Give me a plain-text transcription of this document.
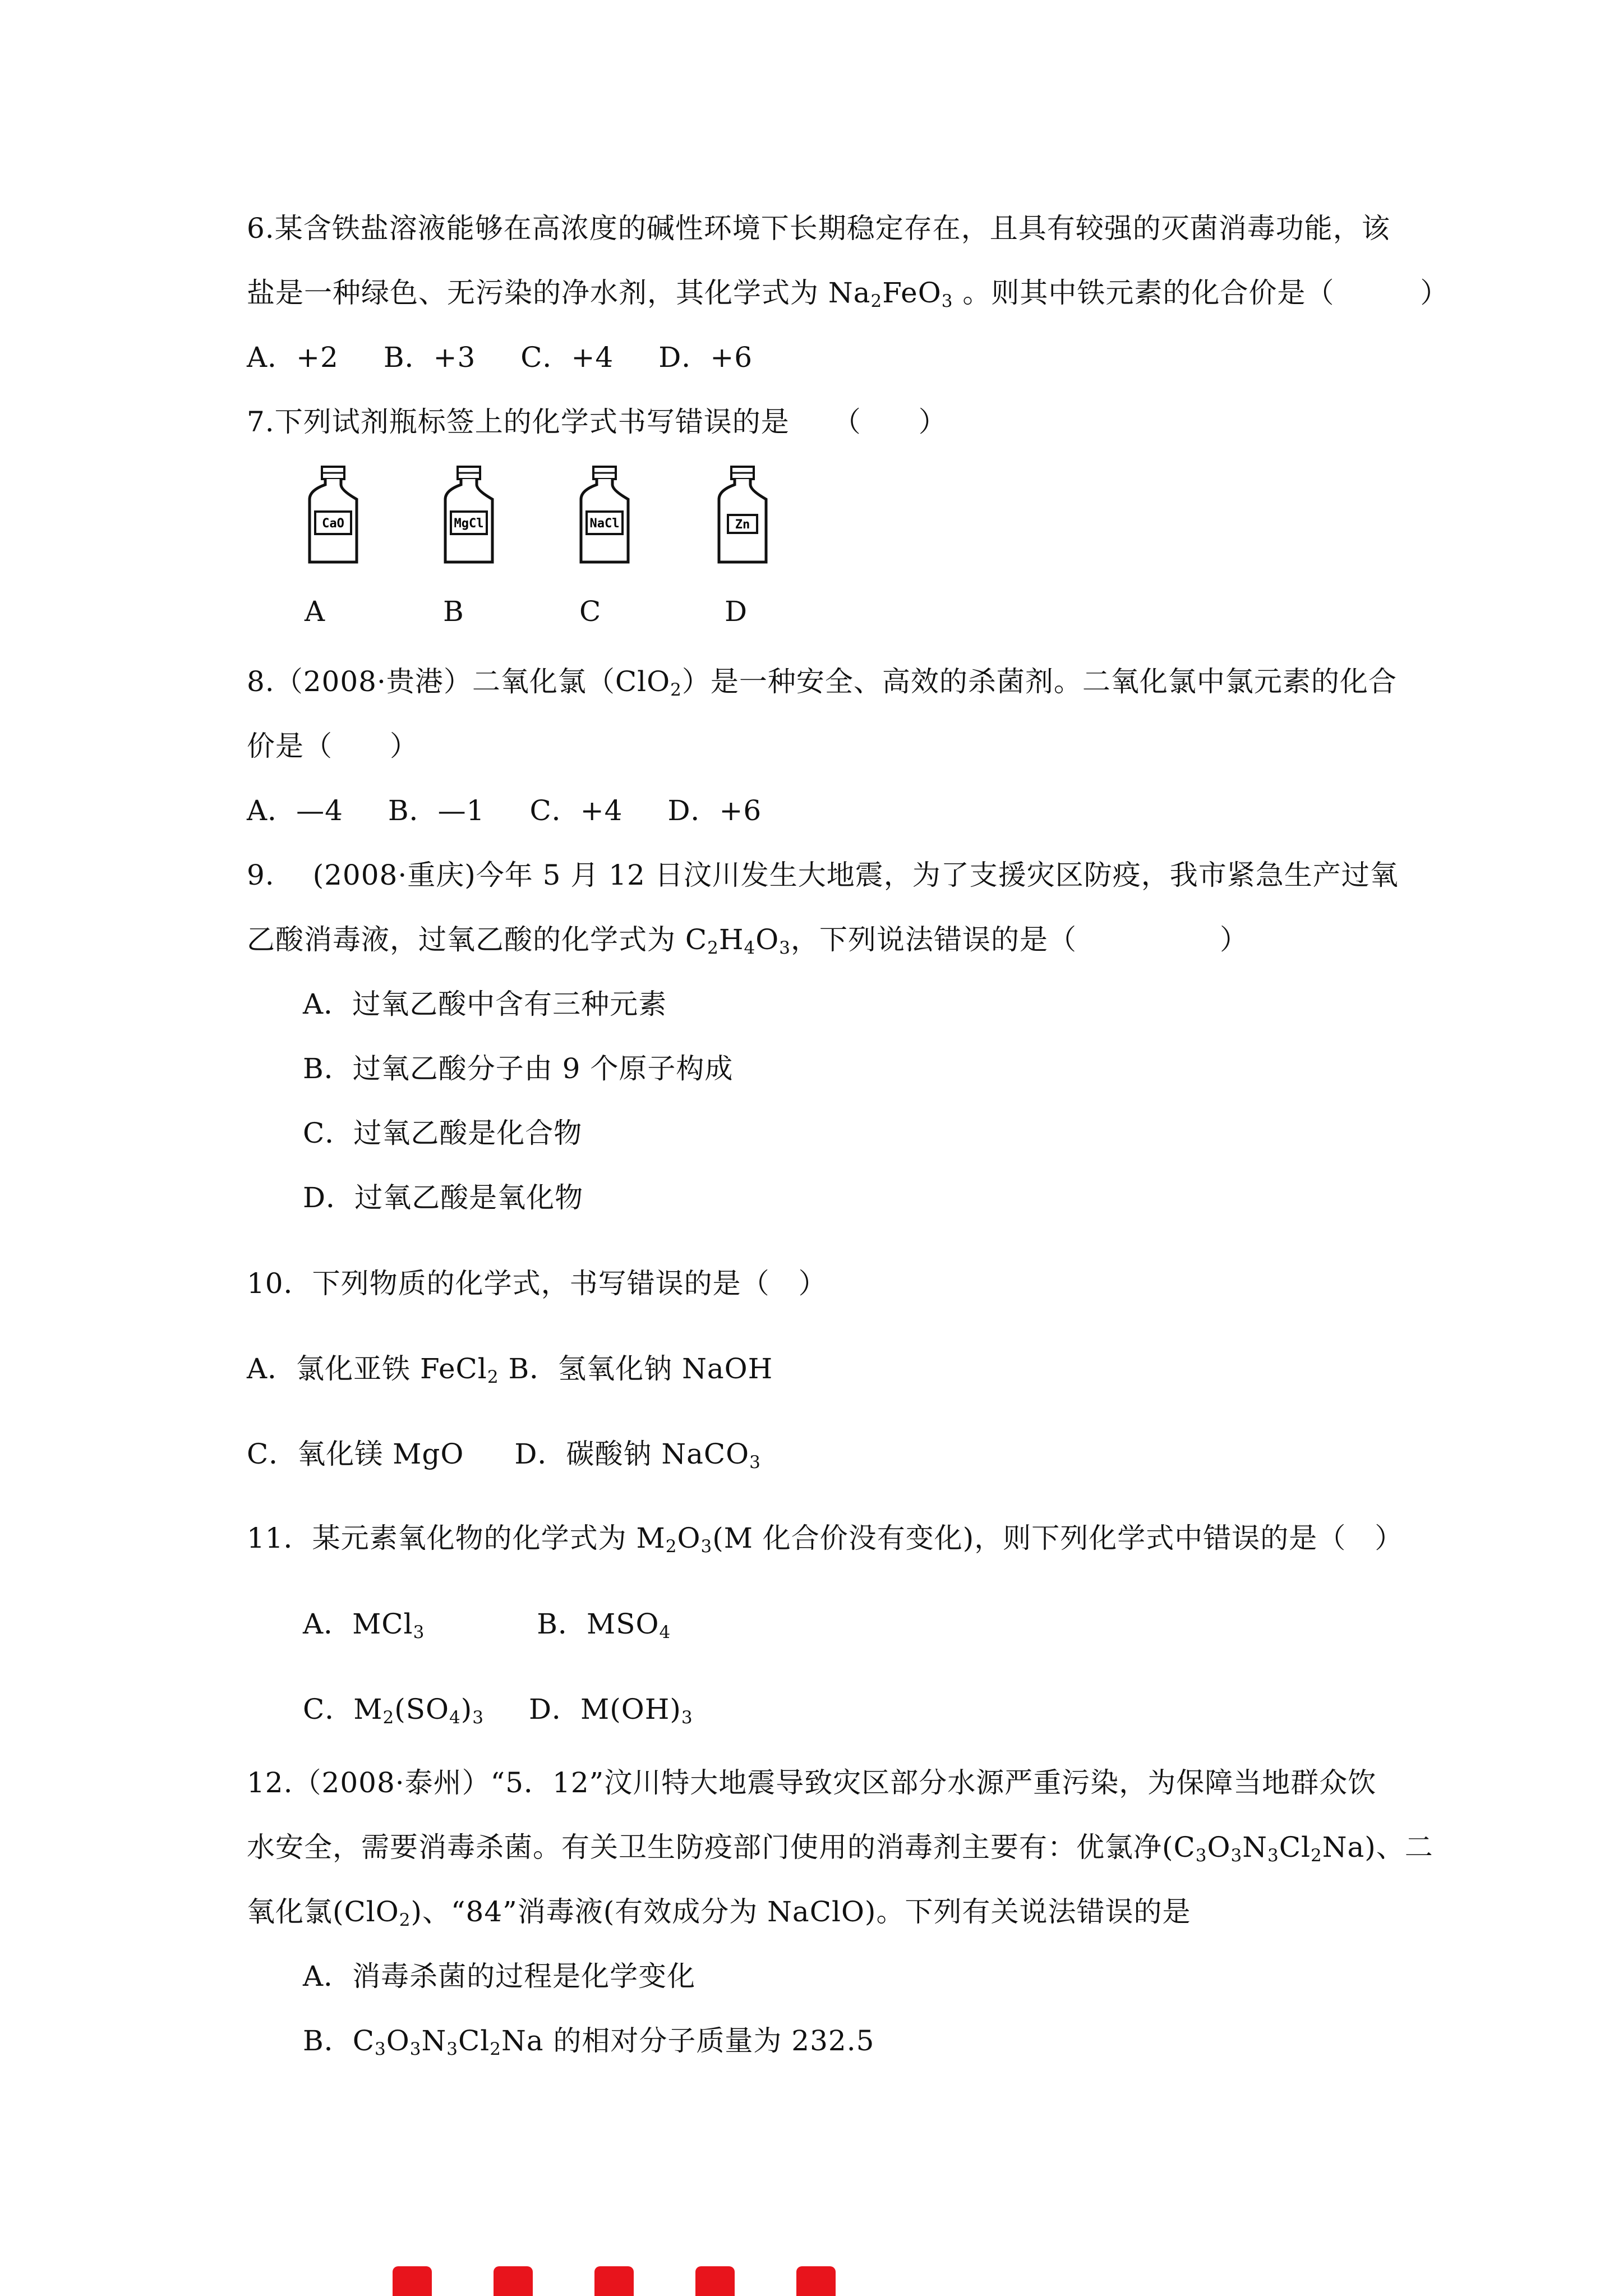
6.某含铁盐溶液能够在高浓度的碱性环境下长期稳定存在，且具有较强的灭菌消毒功能，该
盐是一种绿色、无污染的净水剂，其化学式为 $Na_2FeO_3$ 。则其中铁元素的化合价是（　　　）
A．+2 B．+3 C．+4 D．+6
7.下列试剂瓶标签上的化学式书写错误的是　　（　　）
CaO	MgCl	NaCl	Zn
A	B	C	D
8.（2008·贵港）二氧化氯（ClO$_2$）是一种安全、高效的杀菌剂。二氧化氯中氯元素的化合
价是（　　）
A．—4 B．—1 C．+4 D．+6
9.　 (2008·重庆)今年 5 月 12 日汶川发生大地震，为了支援灾区防疫，我市紧急生产过氧
乙酸消毒液，过氧乙酸的化学式为 $C_2H_4O_3$，下列说法错误的是（　　　　　）
A．过氧乙酸中含有三种元素
B．过氧乙酸分子由 9 个原子构成
C．过氧乙酸是化合物
D．过氧乙酸是氧化物
10．下列物质的化学式，书写错误的是（　）
A．氯化亚铁 FeCl$_2$ B．氢氧化钠 NaOH
C．氧化镁 MgO D．碳酸钠 NaCO$_3$
11．某元素氧化物的化学式为 $M_2O_3(M$ 化合价没有变化)，则下列化学式中错误的是（　）
A．MCl$_3$	B．$MSO_4$
C．$M_2(SO_4)_3$ D．$M(OH)_3$
12.（2008·泰州）“5．12”汶川特大地震导致灾区部分水源严重污染，为保障当地群众饮
水安全，需要消毒杀菌。有关卫生防疫部门使用的消毒剂主要有：优氯净$(C_3O_3N_3Cl_2Na)$、二
氧化氯(ClO$_2$)、“84”消毒液(有效成分为 NaClO)。下列有关说法错误的是
A．消毒杀菌的过程是化学变化
B．$C_3O_3N_3Cl_2Na$ 的相对分子质量为 232.5
